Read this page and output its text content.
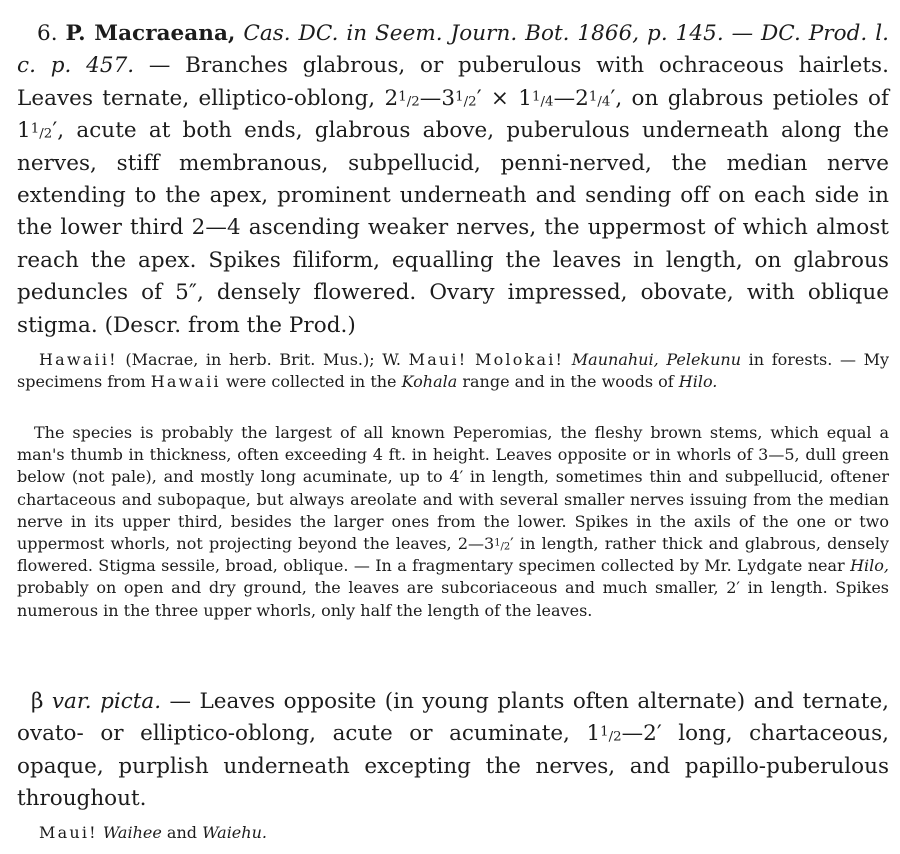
6. P. Macraeana, Cas. DC. in Seem. Journ. Bot. 1866, p. 145. — DC. Prod. l. c. p. 457. — Branches glabrous, or puberulous with ochraceous hairlets. Leaves ternate, elliptico-oblong, $2^1/2—3^1/2'$ × $1^1/4—2^1/4'$, on glabrous petioles of $1^1/2'$, acute at both ends, glabrous above, puberulous underneath along the nerves, stiff membranous, subpellucid, penni-nerved, the median nerve extending to the apex, prominent underneath and sending off on each side in the lower third 2—4 ascending weaker nerves, the uppermost of which almost reach the apex. Spikes filiform, equalling the leaves in length, on glabrous peduncles of 5″, densely flowered. Ovary impressed, obovate, with oblique stigma. (Descr. from the Prod.)
Hawaii! (Macrae, in herb. Brit. Mus.); W. Maui! Molokai! Maunahui, Pelekunu in forests. — My specimens from Hawaii were collected in the Kohala range and in the woods of Hilo.
The species is probably the largest of all known Peperomias, the fleshy brown stems, which equal a man's thumb in thickness, often exceeding 4 ft. in height. Leaves opposite or in whorls of 3—5, dull green below (not pale), and mostly long acuminate, up to 4′ in length, sometimes thin and subpellucid, oftener chartaceous and subopaque, but always areolate and with several smaller nerves issuing from the median nerve in its upper third, besides the larger ones from the lower. Spikes in the axils of the one or two uppermost whorls, not projecting beyond the leaves, $2—3^1/2'$ in length, rather thick and glabrous, densely flowered. Stigma sessile, broad, oblique. — In a fragmentary specimen collected by Mr. Lydgate near Hilo, probably on open and dry ground, the leaves are subcoriaceous and much smaller, 2′ in length. Spikes numerous in the three upper whorls, only half the length of the leaves.
β var. picta. — Leaves opposite (in young plants often alternate) and ternate, ovato- or elliptico-oblong, acute or acuminate, $1^1/2—2'$ long, chartaceous, opaque, purplish underneath excepting the nerves, and papillo-puberulous throughout.
Maui! Waihee and Waiehu.
